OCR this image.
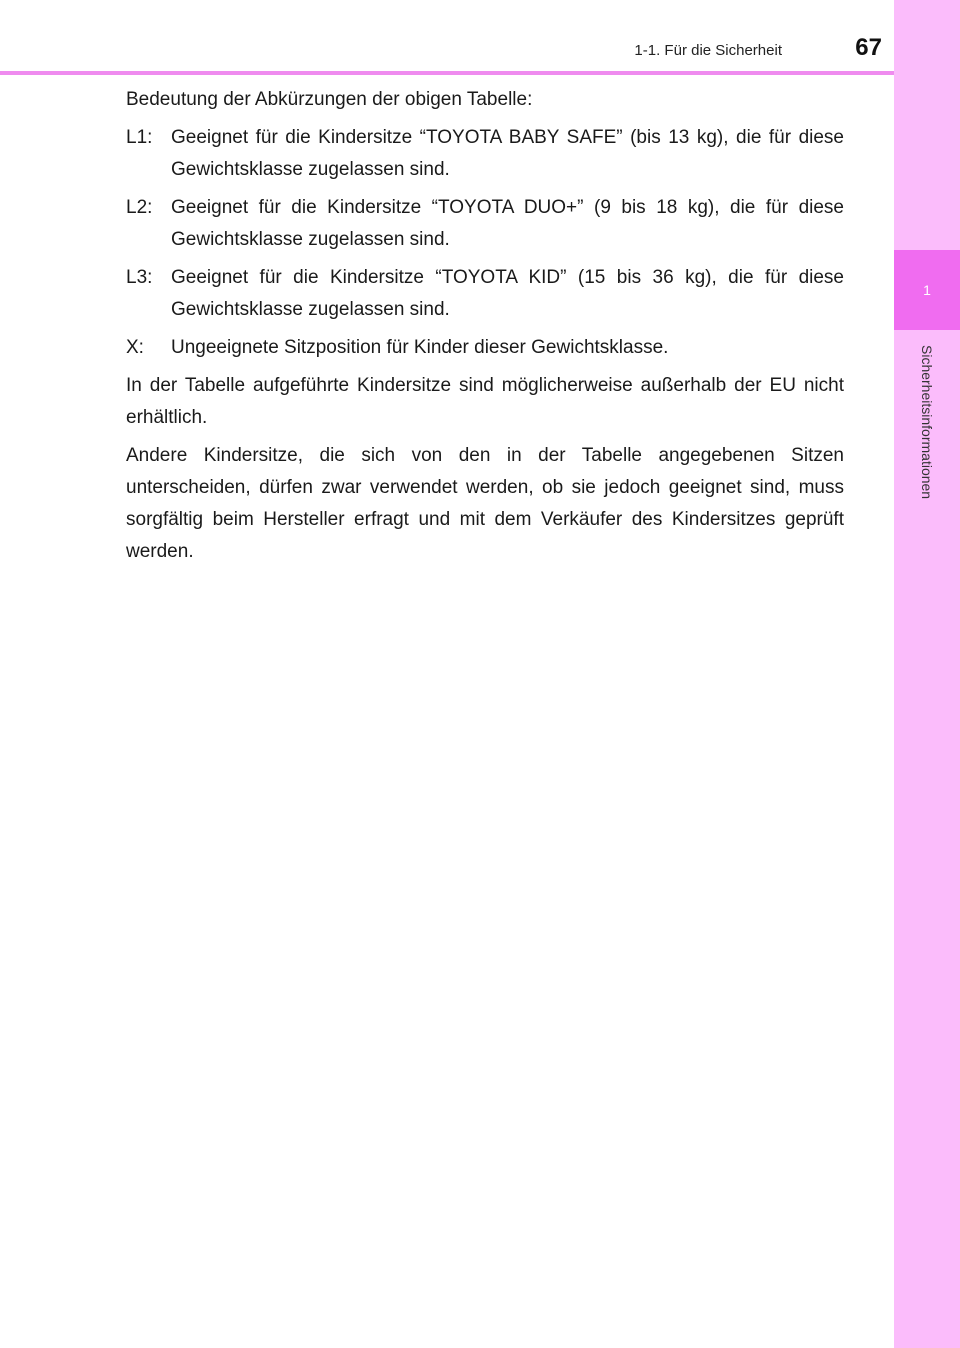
1-1. Für die Sicherheit	67
1
Sicherheitsinformationen

Bedeutung der Abkürzungen der obigen Tabelle:

L1: Geeignet für die Kindersitze “TOYOTA BABY SAFE” (bis 13 kg), die für diese Gewichtsklasse zugelassen sind.
L2: Geeignet für die Kindersitze “TOYOTA DUO+” (9 bis 18 kg), die für diese Gewichtsklasse zugelassen sind.
L3: Geeignet für die Kindersitze “TOYOTA KID” (15 bis 36 kg), die für diese Gewichtsklasse zugelassen sind.
X:	Ungeeignete Sitzposition für Kinder dieser Gewichtsklasse.

In der Tabelle aufgeführte Kindersitze sind möglicherweise außerhalb der EU nicht erhältlich.

Andere Kindersitze, die sich von den in der Tabelle angegebenen Sitzen unterscheiden, dürfen zwar verwendet werden, ob sie jedoch geeignet sind, muss sorgfältig beim Hersteller erfragt und mit dem Verkäufer des Kindersitzes geprüft werden.
